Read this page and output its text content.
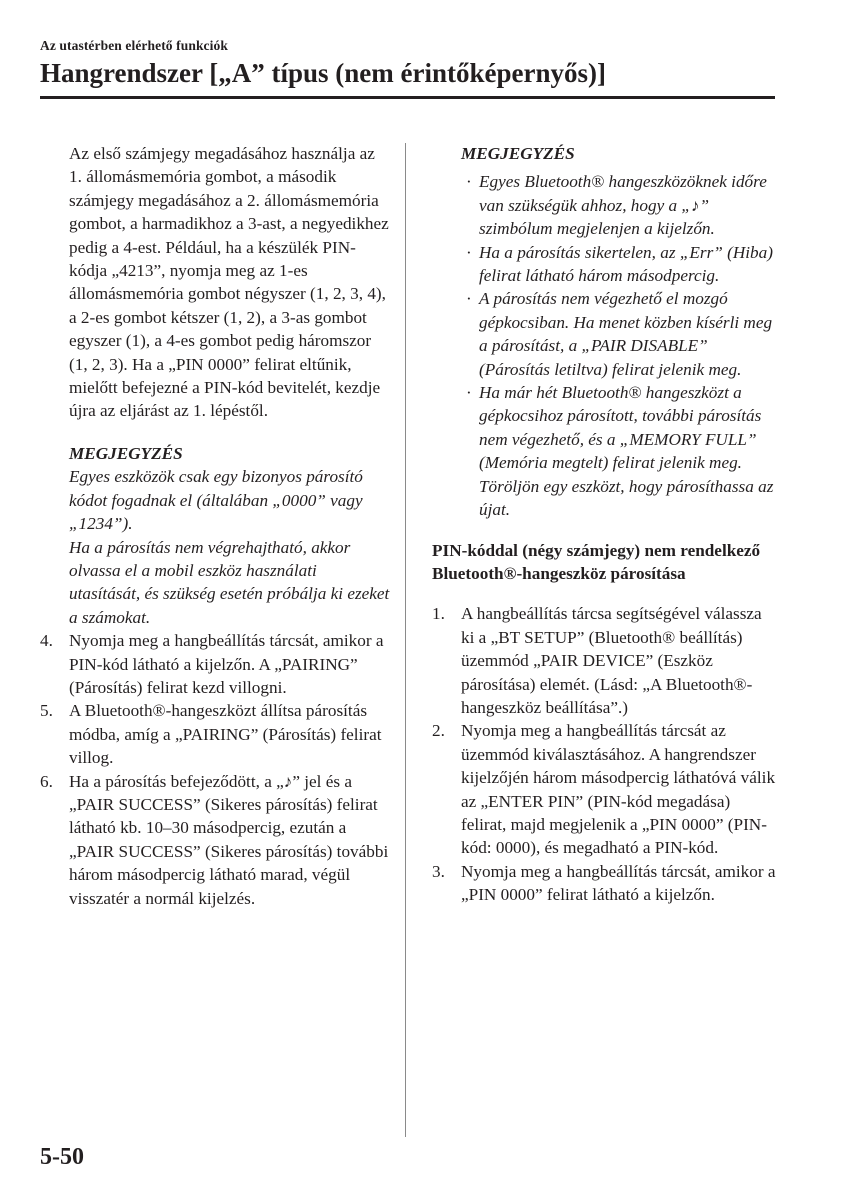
Az utastérben elérhető funkciók
Hangrendszer [„A” típus (nem érintőképernyős)]

Az első számjegy megadásához használja az 1. állomásmemória gombot, a második számjegy megadásához a 2. állomásmemória gombot, a harmadikhoz a 3-ast, a negyedikhez pedig a 4-est. Például, ha a készülék PIN-kódja „4213”, nyomja meg az 1-es állomásmemória gombot négyszer (1, 2, 3, 4), a 2-es gombot kétszer (1, 2), a 3-as gombot egyszer (1), a 4-es gombot pedig háromszor (1, 2, 3). Ha a „PIN 0000” felirat eltűnik, mielőtt befejezné a PIN-kód bevitelét, kezdje újra az eljárást az 1. lépéstől.

MEGJEGYZÉS

Egyes eszközök csak egy bizonyos párosító kódot fogadnak el (általában „0000” vagy „1234”).

Ha a párosítás nem végrehajtható, akkor olvassa el a mobil eszköz használati utasítását, és szükség esetén próbálja ki ezeket a számokat.

4. Nyomja meg a hangbeállítás tárcsát, amikor a PIN-kód látható a kijelzőn. A „PAIRING” (Párosítás) felirat kezd villogni.

5. A Bluetooth®-hangeszközt állítsa párosítás módba, amíg a „PAIRING” (Párosítás) felirat villog.

6. Ha a párosítás befejeződött, a „♪” jel és a „PAIR SUCCESS” (Sikeres párosítás) felirat látható kb. 10–30 másodpercig, ezután a „PAIR SUCCESS” (Sikeres párosítás) további három másodpercig látható marad, végül visszatér a normál kijelzés.

MEGJEGYZÉS

· Egyes Bluetooth® hangeszközöknek időre van szükségük ahhoz, hogy a „♪” szimbólum megjelenjen a kijelzőn.

· Ha a párosítás sikertelen, az „Err” (Hiba) felirat látható három másodpercig.

· A párosítás nem végezhető el mozgó gépkocsiban. Ha menet közben kísérli meg a párosítást, a „PAIR DISABLE” (Párosítás letiltva) felirat jelenik meg.

· Ha már hét Bluetooth® hangeszközt a gépkocsihoz párosított, további párosítás nem végezhető, és a „MEMORY FULL” (Memória megtelt) felirat jelenik meg. Töröljön egy eszközt, hogy párosíthassa az újat.

PIN-kóddal (négy számjegy) nem rendelkező Bluetooth®-hangeszköz párosítása

1. A hangbeállítás tárcsa segítségével válassza ki a „BT SETUP” (Bluetooth® beállítás) üzemmód „PAIR DEVICE” (Eszköz párosítása) elemét. (Lásd: „A Bluetooth®-hangeszköz beállítása”.)

2. Nyomja meg a hangbeállítás tárcsát az üzemmód kiválasztásához. A hangrendszer kijelzőjén három másodpercig láthatóvá válik az „ENTER PIN” (PIN-kód megadása) felirat, majd megjelenik a „PIN 0000” (PIN-kód: 0000), és megadható a PIN-kód.

3. Nyomja meg a hangbeállítás tárcsát, amikor a „PIN 0000” felirat látható a kijelzőn.

5-50
